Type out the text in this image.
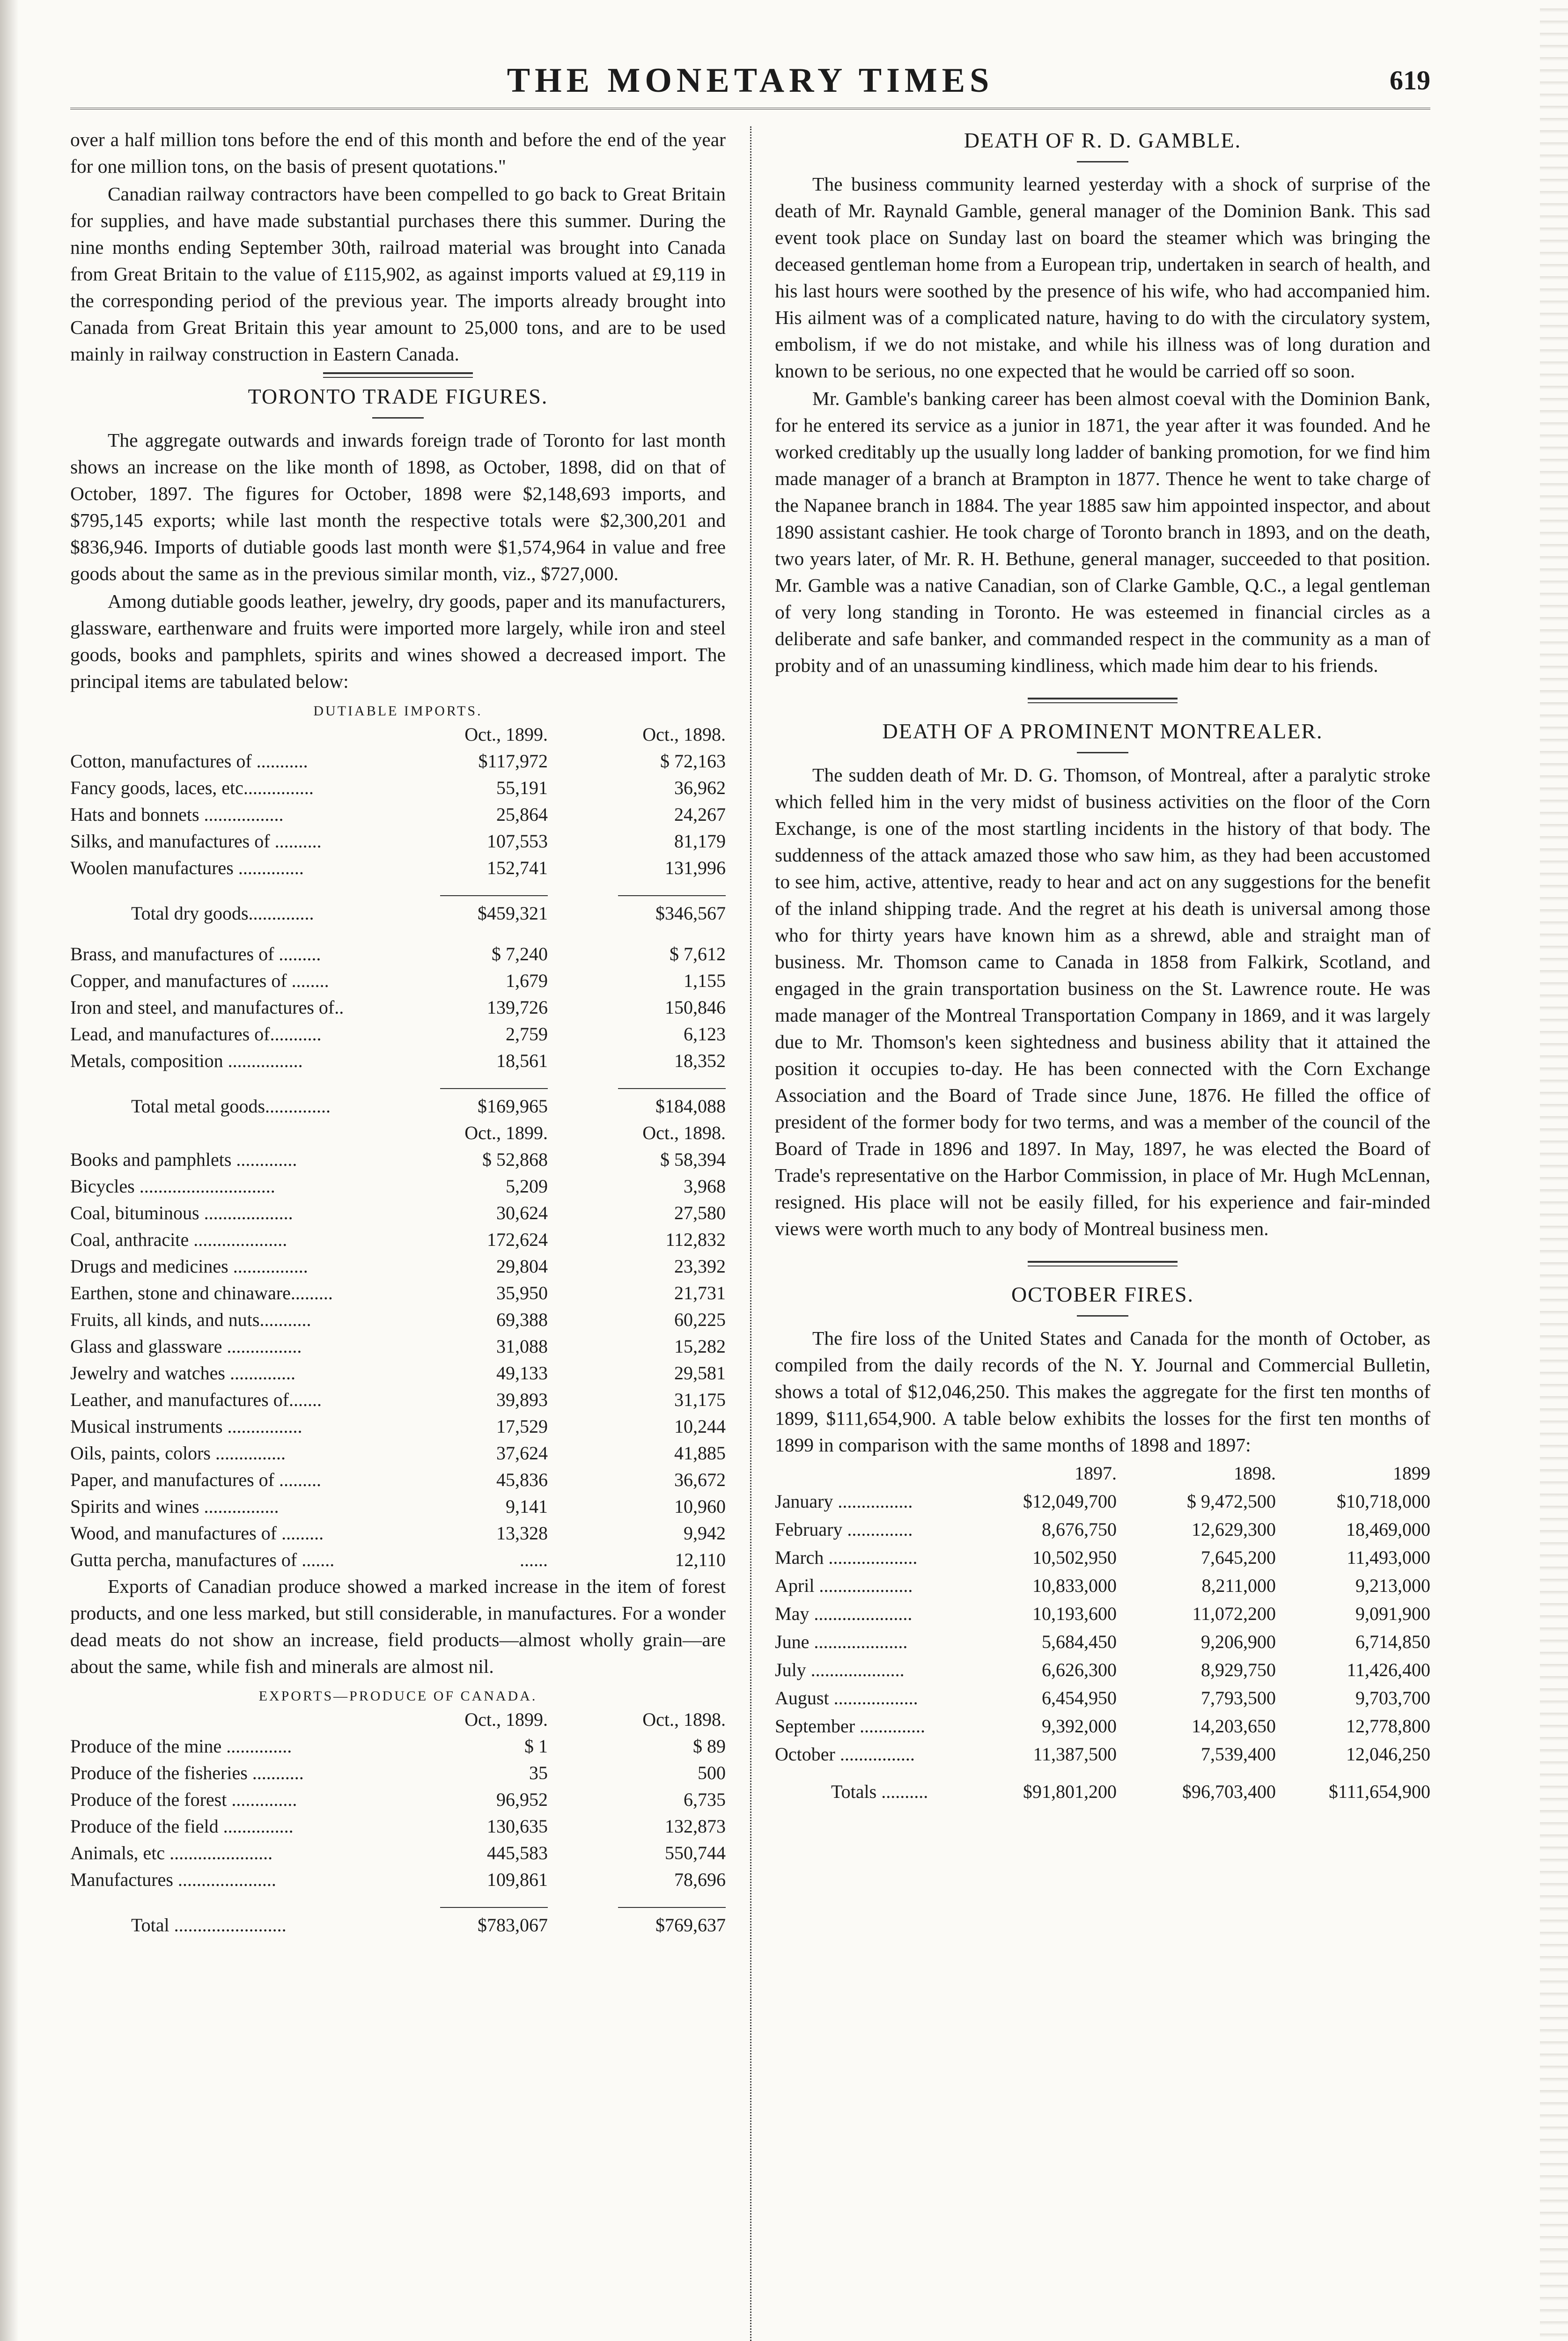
THE MONETARY TIMES	619

over a half million tons before the end of this month and before the end of the year for one million tons, on the basis of present quotations."

Canadian railway contractors have been compelled to go back to Great Britain for supplies, and have made substantial purchases there this summer. During the nine months ending September 30th, railroad material was brought into Canada from Great Britain to the value of £115,902, as against imports valued at £9,119 in the corresponding period of the previous year. The imports already brought into Canada from Great Britain this year amount to 25,000 tons, and are to be used mainly in railway construction in Eastern Canada.

TORONTO TRADE FIGURES.

The aggregate outwards and inwards foreign trade of Toronto for last month shows an increase on the like month of 1898, as October, 1898, did on that of October, 1897. The figures for October, 1898 were $2,148,693 imports, and $795,145 exports; while last month the respective totals were $2,300,201 and $836,946. Imports of dutiable goods last month were $1,574,964 in value and free goods about the same as in the previous similar month, viz., $727,000.

Among dutiable goods leather, jewelry, dry goods, paper and its manufacturers, glassware, earthenware and fruits were imported more largely, while iron and steel goods, books and pamphlets, spirits and wines showed a decreased import. The principal items are tabulated below:

DUTIABLE IMPORTS.
Oct., 1899.	Oct., 1898.
Cotton, manufactures of ...........	$117,972	$ 72,163
Fancy goods, laces, etc...............	55,191	36,962
Hats and bonnets .................	25,864	24,267
Silks, and manufactures of ..........	107,553	81,179
Woolen manufactures ..............	152,741	131,996
Total dry goods..............	$459,321	$346,567
Brass, and manufactures of .........	$ 7,240	$ 7,612
Copper, and manufactures of ........	1,679	1,155
Iron and steel, and manufactures of..	139,726	150,846
Lead, and manufactures of...........	2,759	6,123
Metals, composition ................	18,561	18,352
Total metal goods..............	$169,965	$184,088
Oct., 1899.	Oct., 1898.
Books and pamphlets .............	$ 52,868	$ 58,394
Bicycles .............................	5,209	3,968
Coal, bituminous ...................	30,624	27,580
Coal, anthracite ....................	172,624	112,832
Drugs and medicines ................	29,804	23,392
Earthen, stone and chinaware.........	35,950	21,731
Fruits, all kinds, and nuts...........	69,388	60,225
Glass and glassware ................	31,088	15,282
Jewelry and watches ..............	49,133	29,581
Leather, and manufactures of.......	39,893	31,175
Musical instruments ................	17,529	10,244
Oils, paints, colors ...............	37,624	41,885
Paper, and manufactures of .........	45,836	36,672
Spirits and wines ................	9,141	10,960
Wood, and manufactures of .........	13,328	9,942
Gutta percha, manufactures of .......	......	12,110

Exports of Canadian produce showed a marked increase in the item of forest products, and one less marked, but still considerable, in manufactures. For a wonder dead meats do not show an increase, field products—almost wholly grain—are about the same, while fish and minerals are almost nil.

EXPORTS—PRODUCE OF CANADA.
Oct., 1899.	Oct., 1898.
Produce of the mine ..............	$ 1	$ 89
Produce of the fisheries ...........	35	500
Produce of the forest ..............	96,952	6,735
Produce of the field ...............	130,635	132,873
Animals, etc ......................	445,583	550,744
Manufactures .....................	109,861	78,696
Total ........................	$783,067	$769,637
DEATH OF R. D. GAMBLE.

The business community learned yesterday with a shock of surprise of the death of Mr. Raynald Gamble, general manager of the Dominion Bank. This sad event took place on Sunday last on board the steamer which was bringing the deceased gentleman home from a European trip, undertaken in search of health, and his last hours were soothed by the presence of his wife, who had accompanied him. His ailment was of a complicated nature, having to do with the circulatory system, embolism, if we do not mistake, and while his illness was of long duration and known to be serious, no one expected that he would be carried off so soon.

Mr. Gamble's banking career has been almost coeval with the Dominion Bank, for he entered its service as a junior in 1871, the year after it was founded. And he worked creditably up the usually long ladder of banking promotion, for we find him made manager of a branch at Brampton in 1877. Thence he went to take charge of the Napanee branch in 1884. The year 1885 saw him appointed inspector, and about 1890 assistant cashier. He took charge of Toronto branch in 1893, and on the death, two years later, of Mr. R. H. Bethune, general manager, succeeded to that position. Mr. Gamble was a native Canadian, son of Clarke Gamble, Q.C., a legal gentleman of very long standing in Toronto. He was esteemed in financial circles as a deliberate and safe banker, and commanded respect in the community as a man of probity and of an unassuming kindliness, which made him dear to his friends.

DEATH OF A PROMINENT MONTREALER.

The sudden death of Mr. D. G. Thomson, of Montreal, after a paralytic stroke which felled him in the very midst of business activities on the floor of the Corn Exchange, is one of the most startling incidents in the history of that body. The suddenness of the attack amazed those who saw him, as they had been accustomed to see him, active, attentive, ready to hear and act on any suggestions for the benefit of the inland shipping trade. And the regret at his death is universal among those who for thirty years have known him as a shrewd, able and straight man of business. Mr. Thomson came to Canada in 1858 from Falkirk, Scotland, and engaged in the grain transportation business on the St. Lawrence route. He was made manager of the Montreal Transportation Company in 1869, and it was largely due to Mr. Thomson's keen sightedness and business ability that it attained the position it occupies to-day. He has been connected with the Corn Exchange Association and the Board of Trade since June, 1876. He filled the office of president of the former body for two terms, and was a member of the council of the Board of Trade in 1896 and 1897. In May, 1897, he was elected the Board of Trade's representative on the Harbor Commission, in place of Mr. Hugh McLennan, resigned. His place will not be easily filled, for his experience and fair-minded views were worth much to any body of Montreal business men.

OCTOBER FIRES.

The fire loss of the United States and Canada for the month of October, as compiled from the daily records of the N. Y. Journal and Commercial Bulletin, shows a total of $12,046,250. This makes the aggregate for the first ten months of 1899, $111,654,900. A table below exhibits the losses for the first ten months of 1899 in comparison with the same months of 1898 and 1897:

1897.	1898.	1899
January ................	$12,049,700	$ 9,472,500	$10,718,000
February ..............	8,676,750	12,629,300	18,469,000
March ...................	10,502,950	7,645,200	11,493,000
April ....................	10,833,000	8,211,000	9,213,000
May .....................	10,193,600	11,072,200	9,091,900
June ....................	5,684,450	9,206,900	6,714,850
July ....................	6,626,300	8,929,750	11,426,400
August ..................	6,454,950	7,793,500	9,703,700
September ..............	9,392,000	14,203,650	12,778,800
October ................	11,387,500	7,539,400	12,046,250
Totals ..........	$91,801,200	$96,703,400	$111,654,900
